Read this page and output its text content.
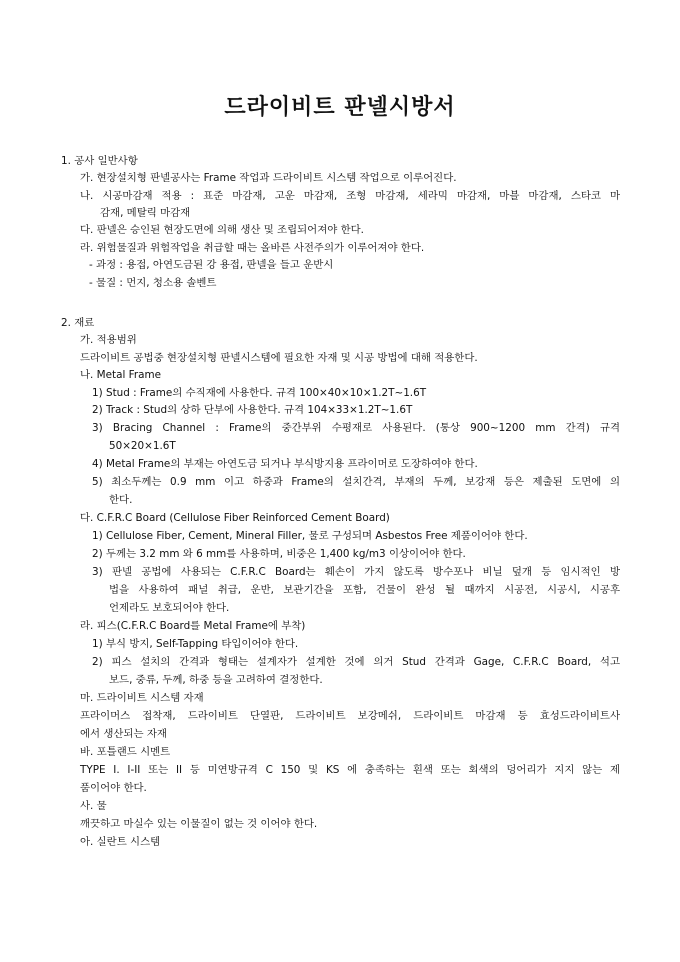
드라이비트 판넬시방서
1. 공사 일반사항
가. 현장설치형 판넬공사는 Frame 작업과 드라이비트 시스템 작업으로 이루어진다.
나. 시공마감재 적용 : 표준 마감재, 고운 마감재, 조형 마감재, 세라믹 마감재, 마블 마감재, 스타코 마
감재, 메탈릭 마감재
다. 판넬은 승인된 현장도면에 의해 생산 및 조립되어져야 한다.
라. 위험물질과 위험작업을 취급할 때는 올바른 사전주의가 이루어져야 한다.
- 과정 : 용접, 아연도금된 강 용접, 판넬을 들고 운반시
- 물질 : 먼지, 청소용 솔벤트
2. 재료
가. 적용범위
드라이비트 공법중 현장설치형 판넬시스템에 필요한 자재 및 시공 방법에 대해 적용한다.
나. Metal Frame
1) Stud : Frame의 수직재에 사용한다. 규격 100×40×10×1.2T~1.6T
2) Track : Stud의 상하 단부에 사용한다. 규격 104×33×1.2T~1.6T
3) Bracing Channel : Frame의 중간부위 수평재로 사용된다. (통상 900~1200 mm 간격) 규격
50×20×1.6T
4) Metal Frame의 부재는 아연도금 되거나 부식방지용 프라이머로 도장하여야 한다.
5) 최소두께는 0.9 mm 이고 하중과 Frame의 설치간격, 부재의 두께, 보강재 등은 제출된 도면에 의
한다.
다. C.F.R.C Board (Cellulose Fiber Reinforced Cement Board)
1) Cellulose Fiber, Cement, Mineral Filler, 물로 구성되며 Asbestos Free 제품이어야 한다.
2) 두께는 3.2 mm 와 6 mm를 사용하며, 비중은 1,400 kg/m3 이상이어야 한다.
3) 판넬 공법에 사용되는 C.F.R.C Board는 훼손이 가지 않도록 방수포나 비닐 덮개 등 임시적인 방
법을 사용하여 패널 취급, 운반, 보관기간을 포함, 건물이 완성 될 때까지 시공전, 시공시, 시공후
언제라도 보호되어야 한다.
라. 피스(C.F.R.C Board를 Metal Frame에 부착)
1) 부식 방지, Self-Tapping 타입이어야 한다.
2) 피스 설치의 간격과 형태는 설계자가 설계한 것에 의거 Stud 간격과 Gage, C.F.R.C Board, 석고
보드, 중류, 두께, 하중 등을 고려하여 결정한다.
마. 드라이비트 시스템 자재
프라이머스 접착재, 드라이비트 단열판, 드라이비트 보강메쉬, 드라이비트 마감재 등 효성드라이비트사
에서 생산되는 자재
바. 포틀랜드 시멘트
TYPE I. I-II 또는 II 등 미연방규격 C 150 및 KS 에 충족하는 흰색 또는 회색의 덩어리가 지지 않는 제
품이어야 한다.
사. 물
깨끗하고 마실수 있는 이물질이 없는 것 이어야 한다.
아. 실란트 시스템
